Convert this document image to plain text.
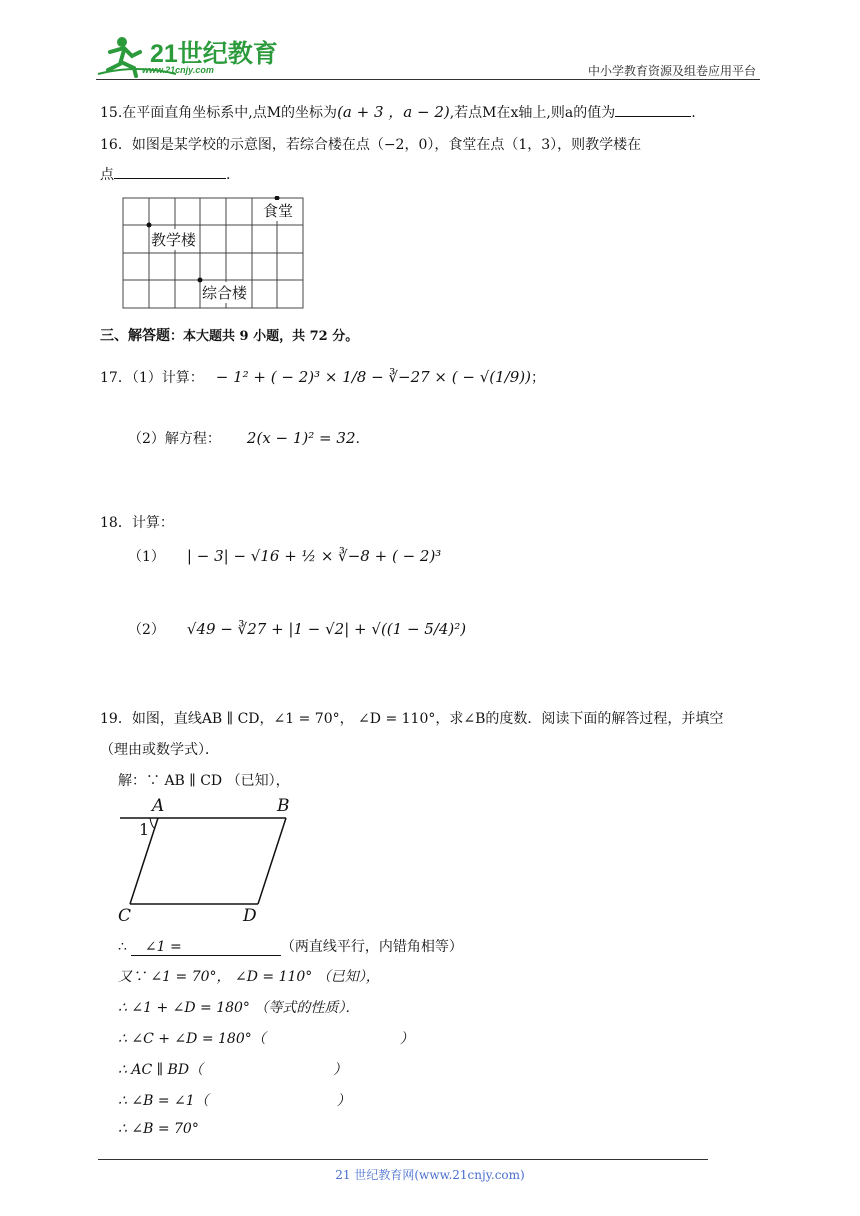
21世纪教育
www.21cnjy.com	中小学教育资源及组卷应用平台
15.在平面直角坐标系中,点M的坐标为(a + 3 ，a − 2),若点M在x轴上,则a的值为	.
16．如图是某学校的示意图，若综合楼在点（−2，0），食堂在点（1，3），则教学楼在
点	.
食堂
教学楼
综合楼
三、解答题：本大题共 9 小题，共 72 分。
17．（1）计算： − 1² + ( − 2)³ × 1/8 − ∛−27 × ( − √(1/9))；
（2）解方程： 2(x − 1)² = 32.
18．计算：
（1） | − 3| − √16 + ½ × ∛−8 + ( − 2)³
（2） √49 − ∛27 + |1 − √2| + √((1 − 5/4)²)
19．如图，直线AB ∥ CD，∠1 = 70°， ∠D = 110°，求∠B的度数．阅读下面的解答过程，并填空
（理由或数学式）．
解：∵ AB ∥ CD （已知），
A	B
1
C	D
∴ ∠1 =	（两直线平行，内错角相等）
又∵ ∠1 = 70°， ∠D = 110° （已知），
∴ ∠1 + ∠D = 180° （等式的性质）．
∴ ∠C + ∠D = 180°（	）
∴ AC ∥ BD（	）
∴ ∠B = ∠1（	）
∴ ∠B = 70°
21 世纪教育网(www.21cnjy.com)
